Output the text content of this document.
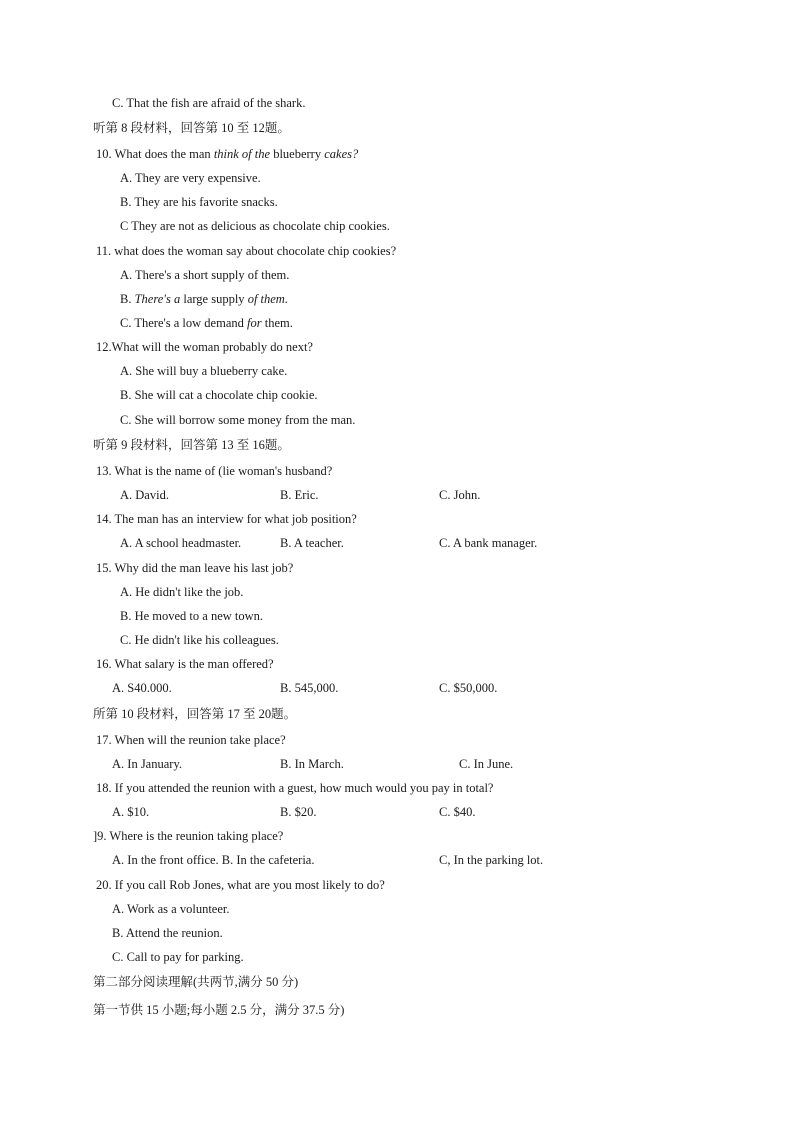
C. That the fish are afraid of the shark.
听第 8 段材料，回答第 10 至 12题。
10. What does the man think of the blueberry cakes?
A. They are very expensive.
B. They are his favorite snacks.
C They are not as delicious as chocolate chip cookies.
11. what does the woman say about chocolate chip cookies?
A. There's a short supply of them.
B. There's a large supply of them.
C. There's a low demand for them.
12.What will the woman probably do next?
A. She will buy a blueberry cake.
B. She will cat a chocolate chip cookie.
C. She will borrow some money from the man.
听第 9 段材料，回答第 13 至 16题。
13. What is the name of (lie woman's husband?
A. David.	B. Eric.	C. John.
14. The man has an interview for what job position?
A. A school headmaster.	B. A teacher.	C. A bank manager.
15. Why did the man leave his last job?
A. He didn't like the job.
B. He moved to a new town.
C. He didn't like his colleagues.
16. What salary is the man offered?
A. S40.000.	B. 545,000.	C. $50,000.
所第 10 段材料，回答第 17 至 20题。
17. When will the reunion take place?
A. In January.	B. In March.	C. In June.
18. If you attended the reunion with a guest, how much would you pay in total?
A. $10.	B. $20.	C. $40.
]9. Where is the reunion taking place?
A. In the front office. B. In the cafeteria.	C, In the parking lot.
20. If you call Rob Jones, what are you most likely to do?
A. Work as a volunteer.
B. Attend the reunion.
C. Call to pay for parking.
第二部分阅读理解(共两节,满分 50 分)
第一节供 15 小题;每小题 2.5 分，满分 37.5 分)
